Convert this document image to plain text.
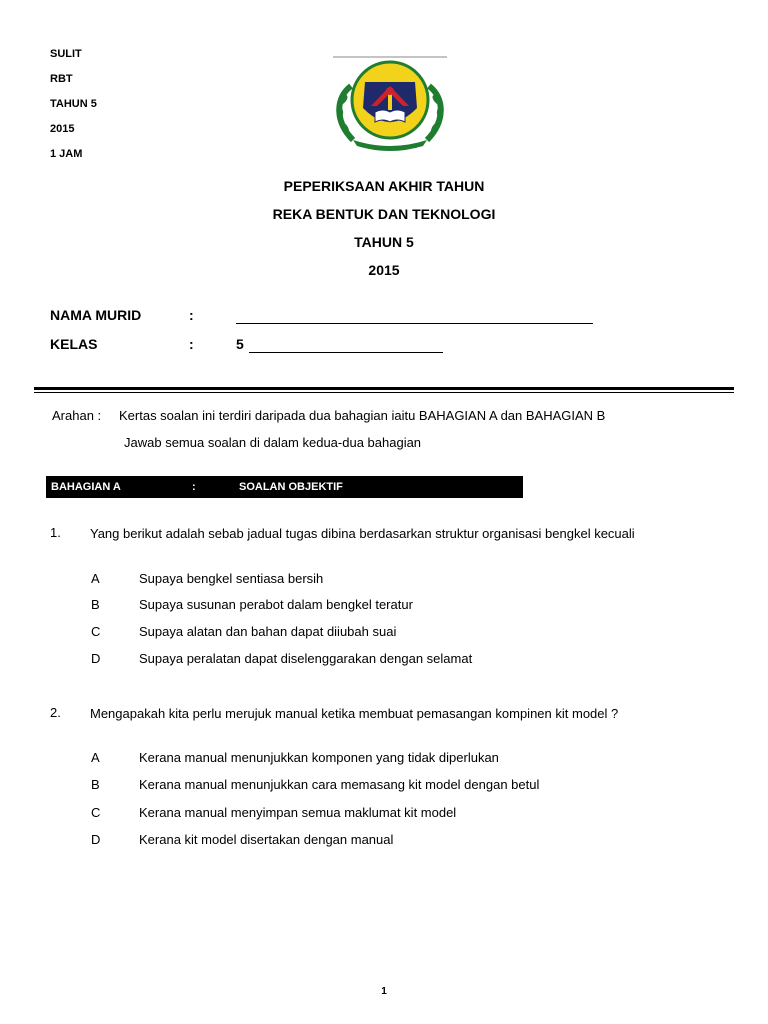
SULIT
RBT
TAHUN 5
2015
1 JAM
PEPERIKSAAN AKHIR TAHUN
REKA BENTUK DAN TEKNOLOGI
TAHUN 5
2015
NAMA MURID	:
KELAS	:	5
Arahan : Kertas soalan ini terdiri daripada dua bahagian iaitu BAHAGIAN A dan BAHAGIAN B
Jawab semua soalan di dalam kedua-dua bahagian
BAHAGIAN A	:	SOALAN OBJEKTIF
1. Yang berikut adalah sebab jadual tugas dibina berdasarkan struktur organisasi bengkel kecuali
A	Supaya bengkel sentiasa bersih
B	Supaya susunan perabot dalam bengkel teratur
C	Supaya alatan dan bahan dapat diiubah suai
D	Supaya peralatan dapat diselenggarakan dengan selamat
2. Mengapakah kita perlu merujuk manual ketika membuat pemasangan kompinen kit model ?
A	Kerana manual menunjukkan komponen yang tidak diperlukan
B	Kerana manual menunjukkan cara memasang kit model dengan betul
C	Kerana manual menyimpan semua maklumat kit model
D	Kerana kit model disertakan dengan manual
1
